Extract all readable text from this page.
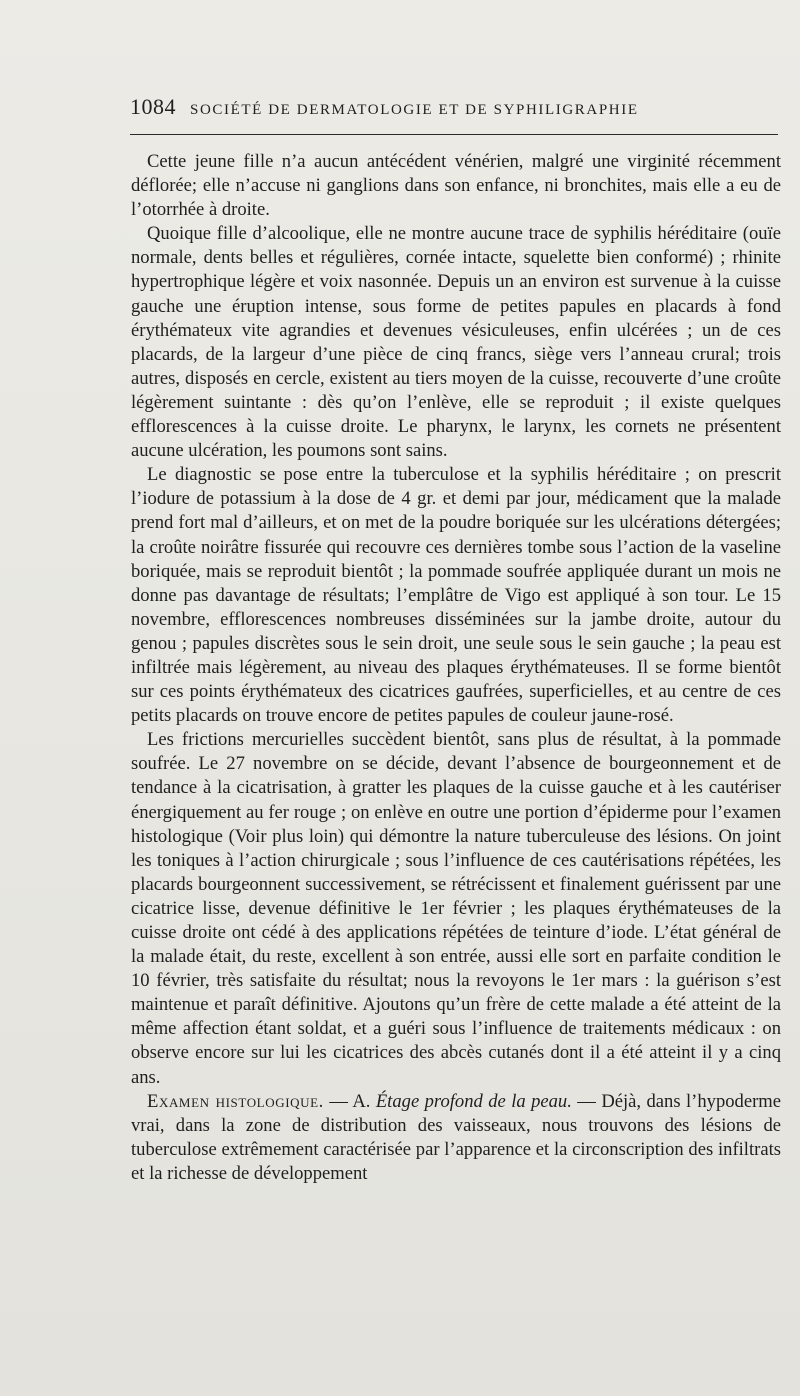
1084 SOCIÉTÉ DE DERMATOLOGIE ET DE SYPHILIGRAPHIE

Cette jeune fille n’a aucun antécédent vénérien, malgré une virginité récemment déflorée; elle n’accuse ni ganglions dans son enfance, ni bronchites, mais elle a eu de l’otorrhée à droite.

Quoique fille d’alcoolique, elle ne montre aucune trace de syphilis héréditaire (ouïe normale, dents belles et régulières, cornée intacte, squelette bien conformé) ; rhinite hypertrophique légère et voix nasonnée. Depuis un an environ est survenue à la cuisse gauche une éruption intense, sous forme de petites papules en placards à fond érythémateux vite agrandies et devenues vésiculeuses, enfin ulcérées ; un de ces placards, de la largeur d’une pièce de cinq francs, siège vers l’anneau crural; trois autres, disposés en cercle, existent au tiers moyen de la cuisse, recouverte d’une croûte légèrement suintante : dès qu’on l’enlève, elle se reproduit ; il existe quelques efflorescences à la cuisse droite. Le pharynx, le larynx, les cornets ne présentent aucune ulcération, les poumons sont sains.

Le diagnostic se pose entre la tuberculose et la syphilis héréditaire ; on prescrit l’iodure de potassium à la dose de 4 gr. et demi par jour, médicament que la malade prend fort mal d’ailleurs, et on met de la poudre boriquée sur les ulcérations détergées; la croûte noirâtre fissurée qui recouvre ces dernières tombe sous l’action de la vaseline boriquée, mais se reproduit bientôt ; la pommade soufrée appliquée durant un mois ne donne pas davantage de résultats; l’emplâtre de Vigo est appliqué à son tour. Le 15 novembre, efflorescences nombreuses disséminées sur la jambe droite, autour du genou ; papules discrètes sous le sein droit, une seule sous le sein gauche ; la peau est infiltrée mais légèrement, au niveau des plaques érythémateuses. Il se forme bientôt sur ces points érythémateux des cicatrices gaufrées, superficielles, et au centre de ces petits placards on trouve encore de petites papules de couleur jaune-rosé.

Les frictions mercurielles succèdent bientôt, sans plus de résultat, à la pommade soufrée. Le 27 novembre on se décide, devant l’absence de bourgeonnement et de tendance à la cicatrisation, à gratter les plaques de la cuisse gauche et à les cautériser énergiquement au fer rouge ; on enlève en outre une portion d’épiderme pour l’examen histologique (Voir plus loin) qui démontre la nature tuberculeuse des lésions. On joint les toniques à l’action chirurgicale ; sous l’influence de ces cautérisations répétées, les placards bourgeonnent successivement, se rétrécissent et finalement guérissent par une cicatrice lisse, devenue définitive le 1er février ; les plaques érythémateuses de la cuisse droite ont cédé à des applications répétées de teinture d’iode. L’état général de la malade était, du reste, excellent à son entrée, aussi elle sort en parfaite condition le 10 février, très satisfaite du résultat; nous la revoyons le 1er mars : la guérison s’est maintenue et paraît définitive. Ajoutons qu’un frère de cette malade a été atteint de la même affection étant soldat, et a guéri sous l’influence de traitements médicaux : on observe encore sur lui les cicatrices des abcès cutanés dont il a été atteint il y a cinq ans.

Examen histologique. — A. Étage profond de la peau. — Déjà, dans l’hypoderme vrai, dans la zone de distribution des vaisseaux, nous trouvons des lésions de tuberculose extrêmement caractérisée par l’apparence et la circonscription des infiltrats et la richesse de développement
